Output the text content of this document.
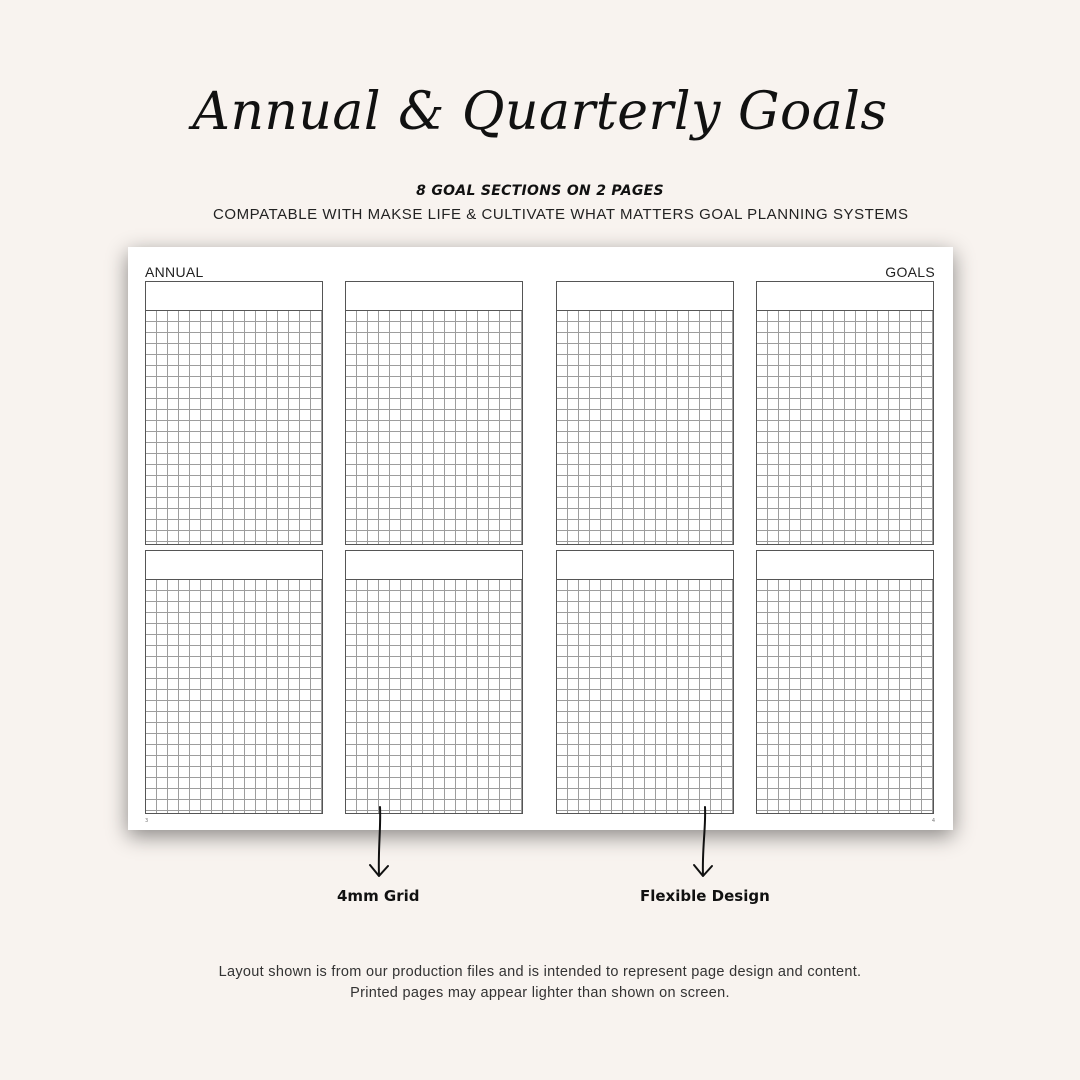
Annual & Quarterly Goals
8 GOAL SECTIONS ON 2 PAGES
COMPATABLE WITH MAKSE LIFE & CULTIVATE WHAT MATTERS GOAL PLANNING SYSTEMS
ANNUAL	GOALS
3	4
4mm Grid	Flexible Design
Layout shown is from our production files and is intended to represent page design and content.
Printed pages may appear lighter than shown on screen.
